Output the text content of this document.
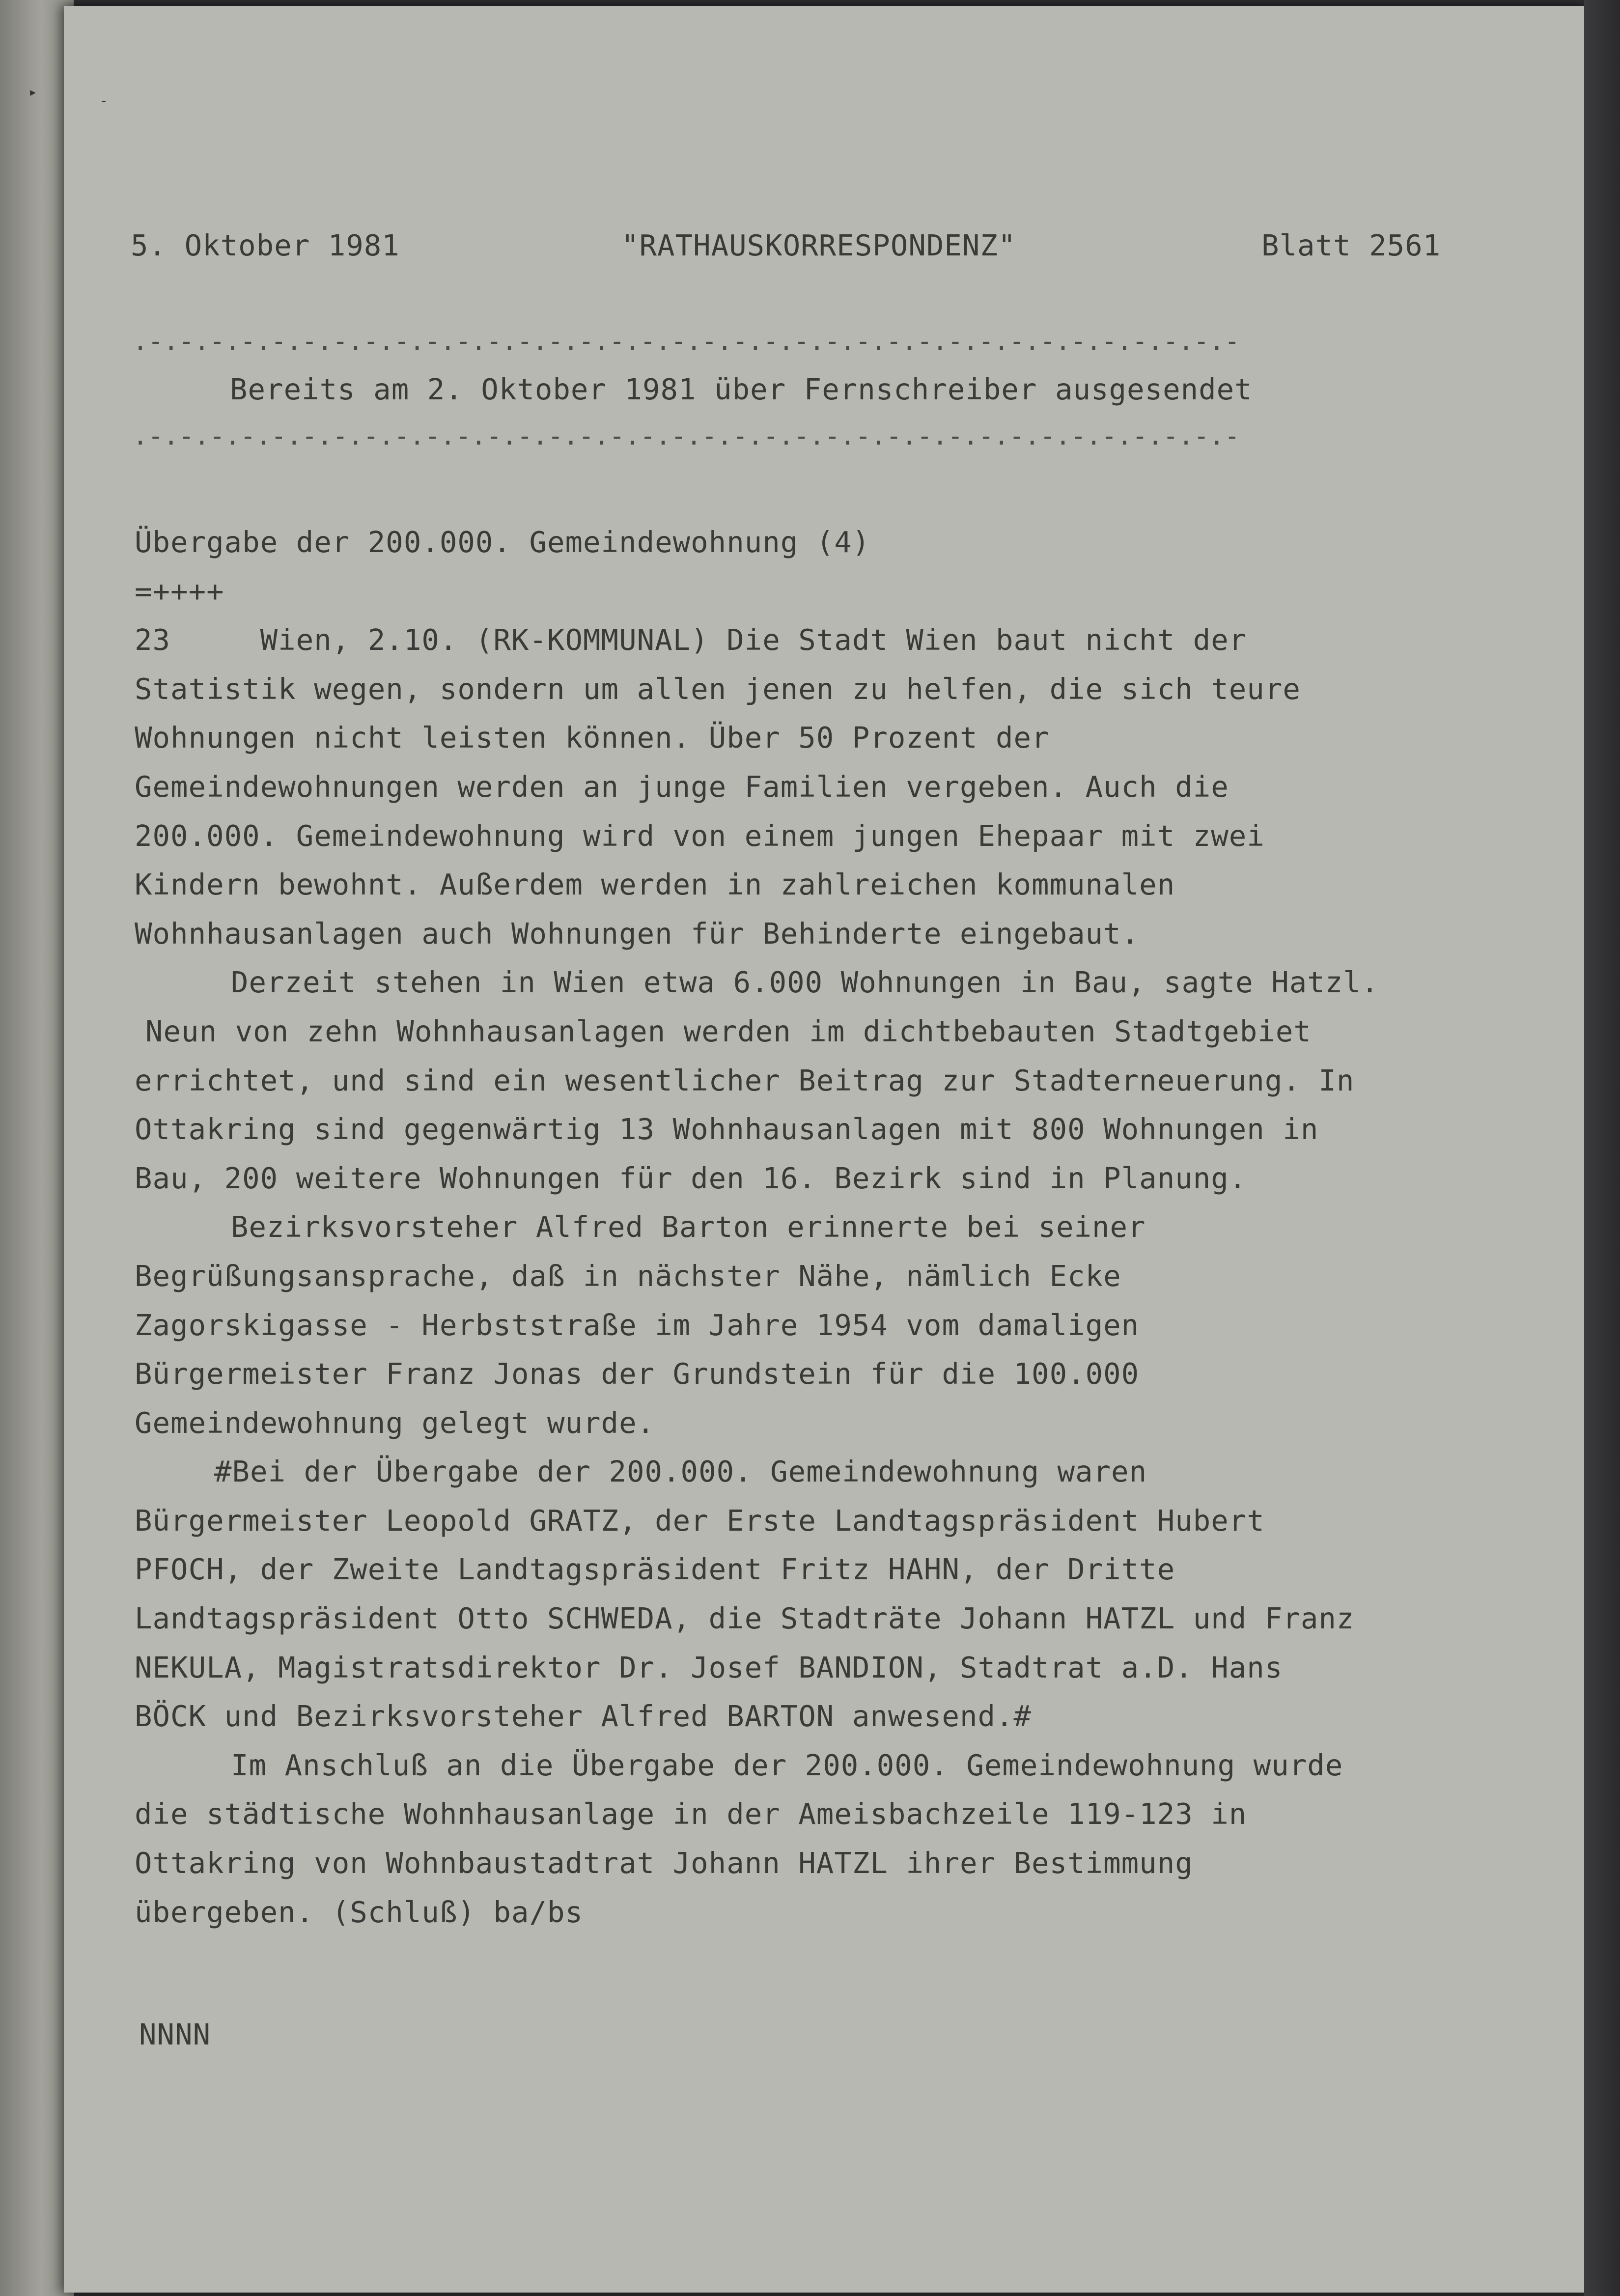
▸
-
5. Oktober 1981	"RATHAUSKORRESPONDENZ"	Blatt 2561
.-.-.-.-.-.-.-.-.-.-.-.-.-.-.-.-.-.-.-.-.-.-.-.-.-.-.-.-.-.-.-.-.-.-.-.-
Bereits am 2. Oktober 1981 über Fernschreiber ausgesendet
.-.-.-.-.-.-.-.-.-.-.-.-.-.-.-.-.-.-.-.-.-.-.-.-.-.-.-.-.-.-.-.-.-.-.-.-
Übergabe der 200.000. Gemeindewohnung (4)
=++++
23     Wien, 2.10. (RK-KOMMUNAL) Die Stadt Wien baut nicht der
Statistik wegen, sondern um allen jenen zu helfen, die sich teure
Wohnungen nicht leisten können. Über 50 Prozent der
Gemeindewohnungen werden an junge Familien vergeben. Auch die
200.000. Gemeindewohnung wird von einem jungen Ehepaar mit zwei
Kindern bewohnt. Außerdem werden in zahlreichen kommunalen
Wohnhausanlagen auch Wohnungen für Behinderte eingebaut.
Derzeit stehen in Wien etwa 6.000 Wohnungen in Bau, sagte Hatzl.
Neun von zehn Wohnhausanlagen werden im dichtbebauten Stadtgebiet
errichtet, und sind ein wesentlicher Beitrag zur Stadterneuerung. In
Ottakring sind gegenwärtig 13 Wohnhausanlagen mit 800 Wohnungen in
Bau, 200 weitere Wohnungen für den 16. Bezirk sind in Planung.
Bezirksvorsteher Alfred Barton erinnerte bei seiner
Begrüßungsansprache, daß in nächster Nähe, nämlich Ecke
Zagorskigasse - Herbststraße im Jahre 1954 vom damaligen
Bürgermeister Franz Jonas der Grundstein für die 100.000
Gemeindewohnung gelegt wurde.
#Bei der Übergabe der 200.000. Gemeindewohnung waren
Bürgermeister Leopold GRATZ, der Erste Landtagspräsident Hubert
PFOCH, der Zweite Landtagspräsident Fritz HAHN, der Dritte
Landtagspräsident Otto SCHWEDA, die Stadträte Johann HATZL und Franz
NEKULA, Magistratsdirektor Dr. Josef BANDION, Stadtrat a.D. Hans
BÖCK und Bezirksvorsteher Alfred BARTON anwesend.#
Im Anschluß an die Übergabe der 200.000. Gemeindewohnung wurde
die städtische Wohnhausanlage in der Ameisbachzeile 119-123 in
Ottakring von Wohnbaustadtrat Johann HATZL ihrer Bestimmung
übergeben. (Schluß) ba/bs
NNNN
